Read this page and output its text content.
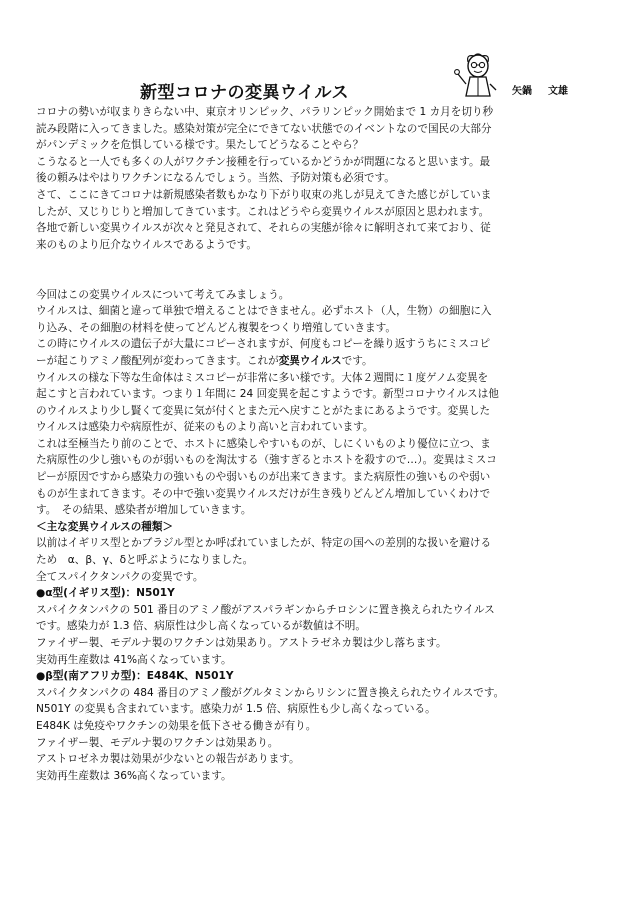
新型コロナの変異ウイルス	矢鍋 文雄

コロナの勢いが収まりきらない中、東京オリンピック、パラリンピック開始まで 1 カ月を切り秒
読み段階に入ってきました。感染対策が完全にできてない状態でのイベントなので国民の大部分
がパンデミックを危惧している様です。果たしてどうなることやら？

こうなると一人でも多くの人がワクチン接種を行っているかどうかが問題になると思います。最
後の頼みはやはりワクチンになるんでしょう。当然、予防対策も必須です。

さて、ここにきてコロナは新規感染者数もかなり下がり収束の兆しが見えてきた感じがしていま
したが、又じりじりと増加してきています。これはどうやら変異ウイルスが原因と思われます。
各地で新しい変異ウイルスが次々と発見されて、それらの実態が徐々に解明されて来ており、従
来のものより厄介なウイルスであるようです。

今回はこの変異ウイルスについて考えてみましょう。

ウイルスは、細菌と違って単独で増えることはできません。必ずホスト（人，生物）の細胞に入
り込み、その細胞の材料を使ってどんどん複製をつくり増殖していきます。

この時にウイルスの遺伝子が大量にコピーされますが、何度もコピーを繰り返すうちにミスコピ
ーが起こりアミノ酸配列が変わってきます。これが変異ウイルスです。

ウイルスの様な下等な生命体はミスコピーが非常に多い様です。大体２週間に１度ゲノム変異を
起こすと言われています。つまり１年間に 24 回変異を起こすようです。新型コロナウイルスは他
のウイルスより少し賢くて変異に気が付くとまた元へ戻すことがたまにあるようです。変異した
ウイルスは感染力や病原性が、従来のものより高いと言われています。

これは至極当たり前のことで、ホストに感染しやすいものが、しにくいものより優位に立つ、ま
た病原性の少し強いものが弱いものを淘汰する（強すぎるとホストを殺すので…）。変異はミスコ
ピーが原因ですから感染力の強いものや弱いものが出来てきます。また病原性の強いものや弱い
ものが生まれてきます。その中で強い変異ウイルスだけが生き残りどんどん増加していくわけで
す。　その結果、感染者が増加していきます。

＜主な変異ウイルスの種類＞

以前はイギリス型とかブラジル型とか呼ばれていましたが、特定の国への差別的な扱いを避ける
ため　α、β、γ、δと呼ぶようになりました。
全てスパイクタンパクの変異です。

●α型(イギリス型)：N501Y

スパイクタンパクの 501 番目のアミノ酸がアスパラギンからチロシンに置き換えられたウイルス
です。感染力が 1.3 倍、病原性は少し高くなっているが数値は不明。
ファイザー製、モデルナ製のワクチンは効果あり。アストラゼネカ製は少し落ちます。
実効再生産数は 41%高くなっています。

●β型(南アフリカ型)：E484K、N501Y

スパイクタンパクの 484 番目のアミノ酸がグルタミンからリシンに置き換えられたウイルスです。
N501Y の変異も含まれています。感染力が 1.5 倍、病原性も少し高くなっている。
E484K は免疫やワクチンの効果を低下させる働きが有り。
ファイザー製、モデルナ製のワクチンは効果あり。
アストロゼネカ製は効果が少ないとの報告があります。
実効再生産数は 36%高くなっています。
